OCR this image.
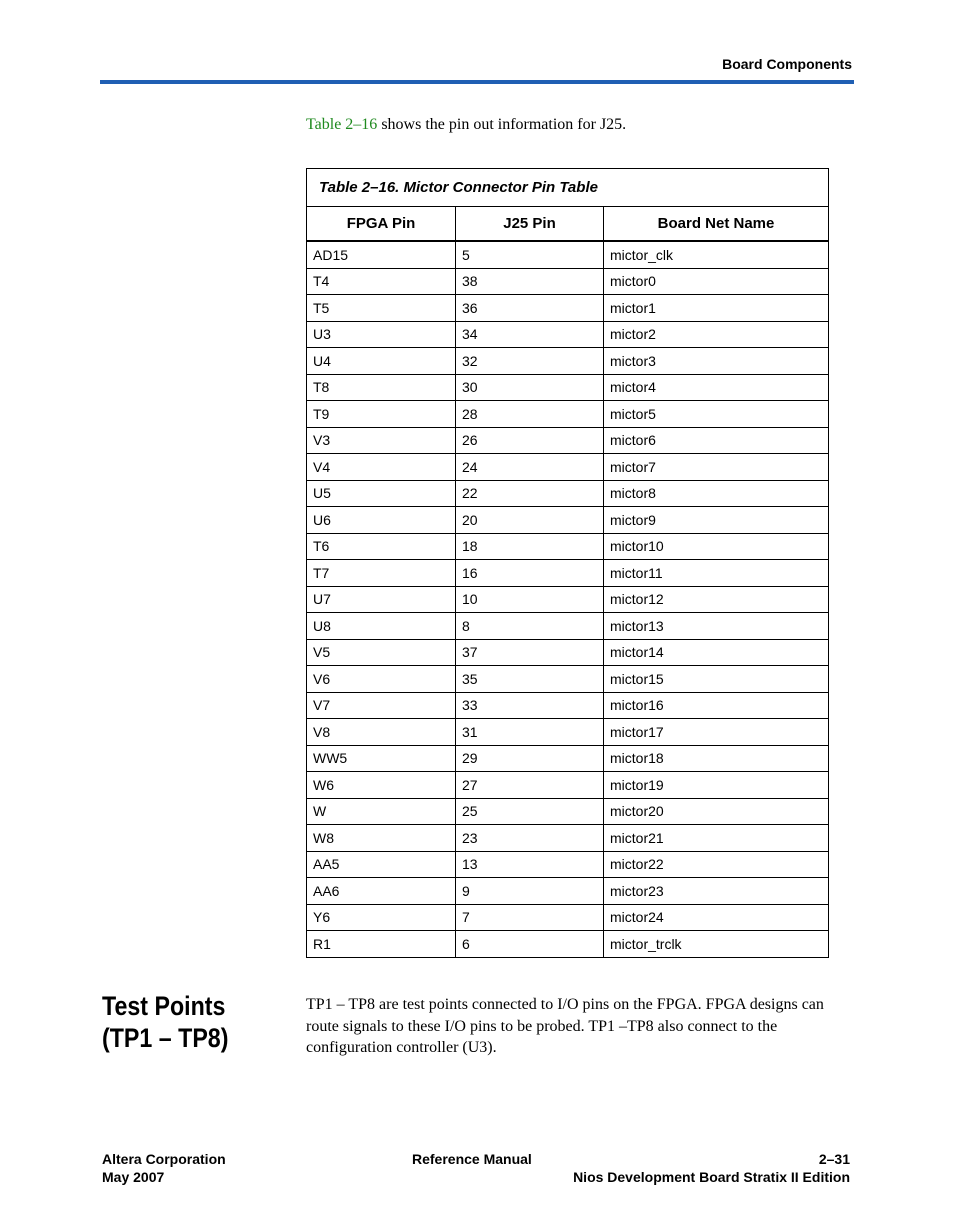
Board Components
Table 2–16 shows the pin out information for J25.
Table 2–16. Mictor Connector Pin Table		
FPGA Pin	J25 Pin	Board Net Name
AD15	5	mictor_clk
T4	38	mictor0
T5	36	mictor1
U3	34	mictor2
U4	32	mictor3
T8	30	mictor4
T9	28	mictor5
V3	26	mictor6
V4	24	mictor7
U5	22	mictor8
U6	20	mictor9
T6	18	mictor10
T7	16	mictor11
U7	10	mictor12
U8	8	mictor13
V5	37	mictor14
V6	35	mictor15
V7	33	mictor16
V8	31	mictor17
WW5	29	mictor18
W6	27	mictor19
W	25	mictor20
W8	23	mictor21
AA5	13	mictor22
AA6	9	mictor23
Y6	7	mictor24
R1	6	mictor_trclk
Test Points
(TP1 – TP8)
TP1 – TP8 are test points connected to I/O pins on the FPGA. FPGA designs can route signals to these I/O pins to be probed. TP1 –TP8 also connect to the configuration controller (U3).
Altera Corporation
May 2007
Reference Manual	2–31
Nios Development Board Stratix II Edition
